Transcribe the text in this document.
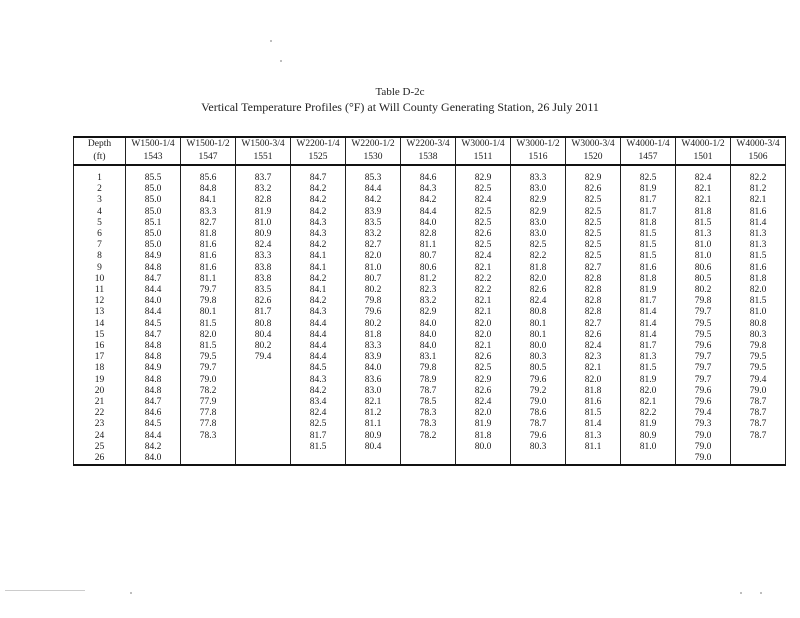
Table D-2c
Vertical Temperature Profiles (°F) at Will County Generating Station, 26 July 2011
Depth	W1500-1/4	W1500-1/2	W1500-3/4	W2200-1/4	W2200-1/2	W2200-3/4	W3000-1/4	W3000-1/2	W3000-3/4	W4000-1/4	W4000-1/2	W4000-3/4
(ft)	1543	1547	1551	1525	1530	1538	1511	1516	1520	1457	1501	1506

1	85.5	85.6	83.7	84.7	85.3	84.6	82.9	83.3	82.9	82.5	82.4	82.2
2	85.0	84.8	83.2	84.2	84.4	84.3	82.5	83.0	82.6	81.9	82.1	81.2
3	85.0	84.1	82.8	84.2	84.2	84.2	82.4	82.9	82.5	81.7	82.1	82.1
4	85.0	83.3	81.9	84.2	83.9	84.4	82.5	82.9	82.5	81.7	81.8	81.6
5	85.1	82.7	81.0	84.3	83.5	84.0	82.5	83.0	82.5	81.8	81.5	81.4
6	85.0	81.8	80.9	84.3	83.2	82.8	82.6	83.0	82.5	81.5	81.3	81.3
7	85.0	81.6	82.4	84.2	82.7	81.1	82.5	82.5	82.5	81.5	81.0	81.3
8	84.9	81.6	83.3	84.1	82.0	80.7	82.4	82.2	82.5	81.5	81.0	81.5
9	84.8	81.6	83.8	84.1	81.0	80.6	82.1	81.8	82.7	81.6	80.6	81.6
10	84.7	81.1	83.8	84.2	80.7	81.2	82.2	82.0	82.8	81.8	80.5	81.8
11	84.4	79.7	83.5	84.1	80.2	82.3	82.2	82.6	82.8	81.9	80.2	82.0
12	84.0	79.8	82.6	84.2	79.8	83.2	82.1	82.4	82.8	81.7	79.8	81.5
13	84.4	80.1	81.7	84.3	79.6	82.9	82.1	80.8	82.8	81.4	79.7	81.0
14	84.5	81.5	80.8	84.4	80.2	84.0	82.0	80.1	82.7	81.4	79.5	80.8
15	84.7	82.0	80.4	84.4	81.8	84.0	82.0	80.1	82.6	81.4	79.5	80.3
16	84.8	81.5	80.2	84.4	83.3	84.0	82.1	80.0	82.4	81.7	79.6	79.8
17	84.8	79.5	79.4	84.4	83.9	83.1	82.6	80.3	82.3	81.3	79.7	79.5
18	84.9	79.7		84.5	84.0	79.8	82.5	80.5	82.1	81.5	79.7	79.5
19	84.8	79.0		84.3	83.6	78.9	82.9	79.6	82.0	81.9	79.7	79.4
20	84.8	78.2		84.2	83.0	78.7	82.6	79.2	81.8	82.0	79.6	79.0
21	84.7	77.9		83.4	82.1	78.5	82.4	79.0	81.6	82.1	79.6	78.7
22	84.6	77.8		82.4	81.2	78.3	82.0	78.6	81.5	82.2	79.4	78.7
23	84.5	77.8		82.5	81.1	78.3	81.9	78.7	81.4	81.9	79.3	78.7
24	84.4	78.3		81.7	80.9	78.2	81.8	79.6	81.3	80.9	79.0	78.7
25	84.2			81.5	80.4		80.0	80.3	81.1	81.0	79.0	
26	84.0										79.0	
